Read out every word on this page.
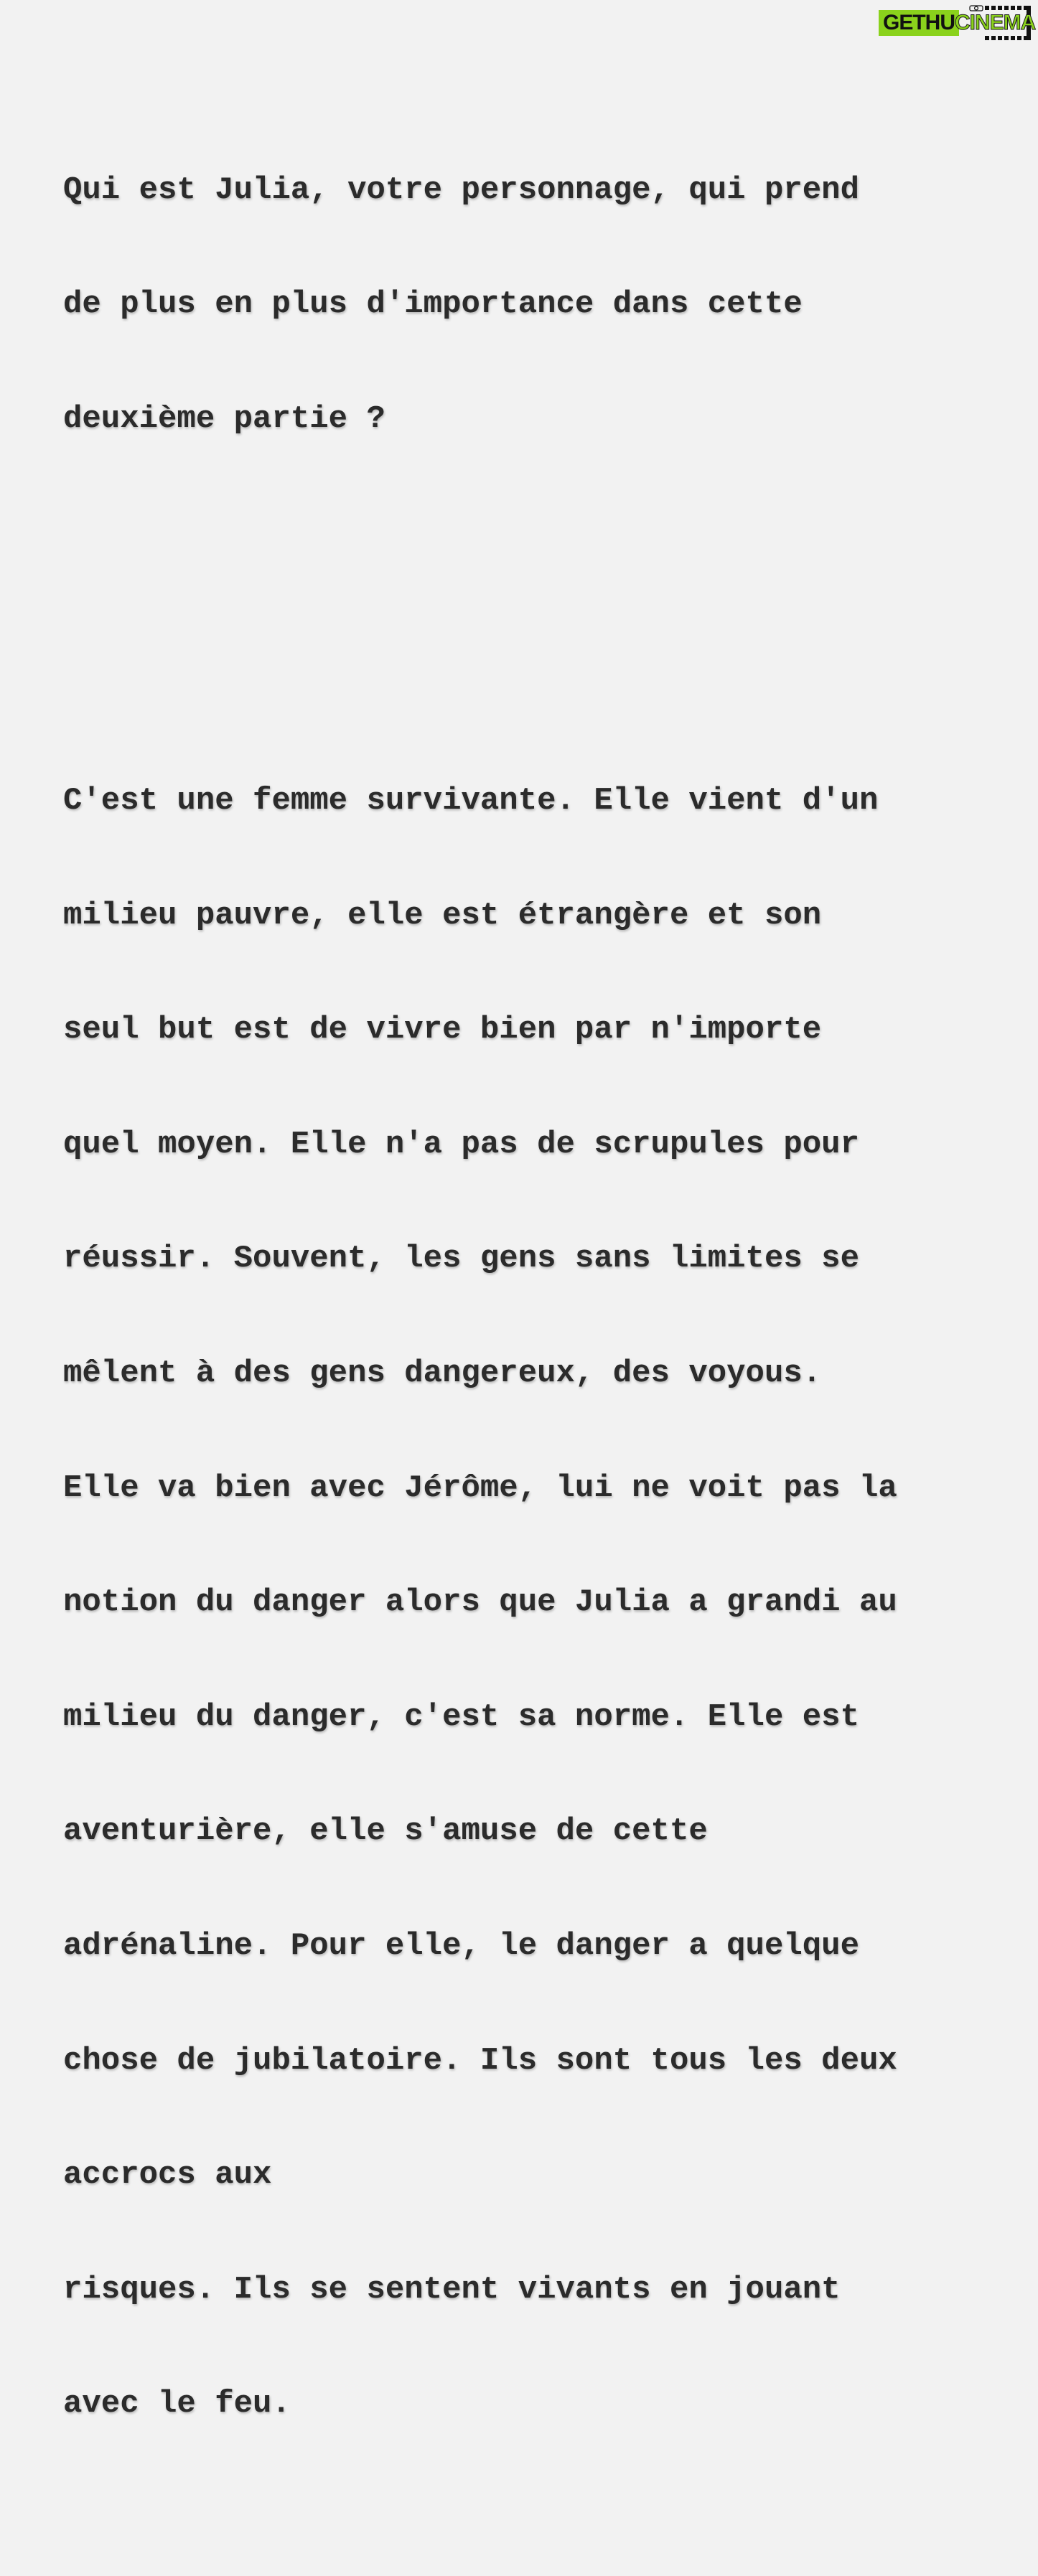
GETHU CINEMA

Qui est Julia, votre personnage, qui prend

de plus en plus d'importance dans cette

deuxième partie ?

C'est une femme survivante. Elle vient d'un

milieu pauvre, elle est étrangère et son

seul but est de vivre bien par n'importe

quel moyen. Elle n'a pas de scrupules pour

réussir. Souvent, les gens sans limites se

mêlent à des gens dangereux, des voyous.

Elle va bien avec Jérôme, lui ne voit pas la

notion du danger alors que Julia a grandi au

milieu du danger, c'est sa norme. Elle est

aventurière, elle s'amuse de cette

adrénaline. Pour elle, le danger a quelque

chose de jubilatoire. Ils sont tous les deux

accrocs aux

risques. Ils se sentent vivants en jouant

avec le feu.
